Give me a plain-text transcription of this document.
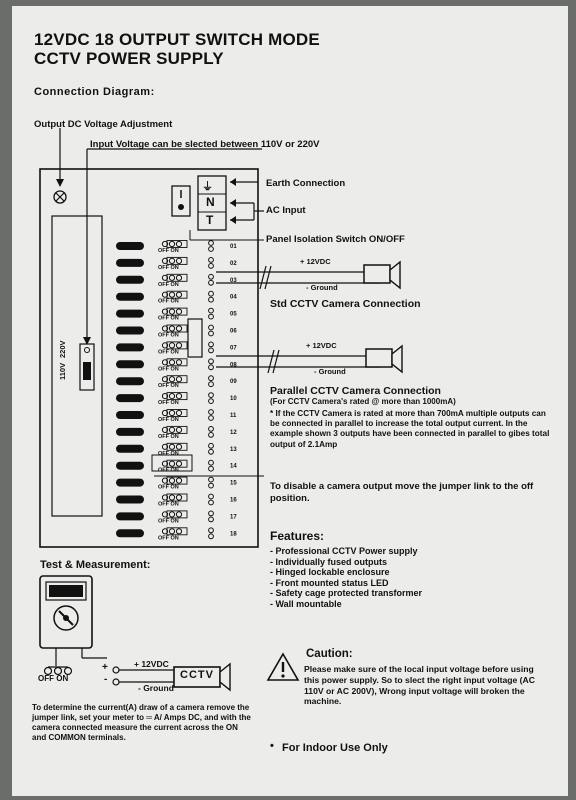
12VDC 18 OUTPUT SWITCH MODE
CCTV POWER SUPPLY
Connection Diagram:
Output DC Voltage Adjustment
Input Voltage can be slected between 110V or 220V
OFF ON
01
OFF ON
02
OFF ON
03
OFF ON
04
OFF ON
05
OFF ON
06
OFF ON
07
OFF ON
08
OFF ON
09
OFF ON
10
OFF ON
11
OFF ON
12
OFF ON
13
OFF ON
14
OFF ON
15
OFF ON
16
OFF ON
17
OFF ON
18
⏚
N
T
Earth Connection
AC Input
Panel Isolation Switch ON/OFF
110V
220V
+ 12VDC
- Ground
Std CCTV Camera Connection
+ 12VDC
- Ground
Parallel CCTV Camera Connection
(For CCTV Camera's rated @ more than 1000mA)
* If the CCTV Camera is rated at more than 700mA multiple outputs can be connected in parallel to increase the total output current. In the example shown 3 outputs have been connected in parallel to gibes total output of 2.1Amp
To disable a camera output move the jumper link to the off position.
Features:
- Professional CCTV Power supply
- Individually fused outputs
- Hinged lockable enclosure
- Front mounted status LED
- Safety cage protected transformer
- Wall mountable
Test & Measurement:
OFF ON
+
-
+ 12VDC
- Ground
CCTV
To determine the current(A) draw of a camera remove the jumper link, set your meter to ═ A/ Amps DC, and with the camera connected measure the current across the ON and COMMON terminals.
Caution:
Please make sure of the local input voltage before using this power supply. So to slect the right input voltage (AC 110V or AC 200V), Wrong input voltage will broken the machine.
• For Indoor Use Only
